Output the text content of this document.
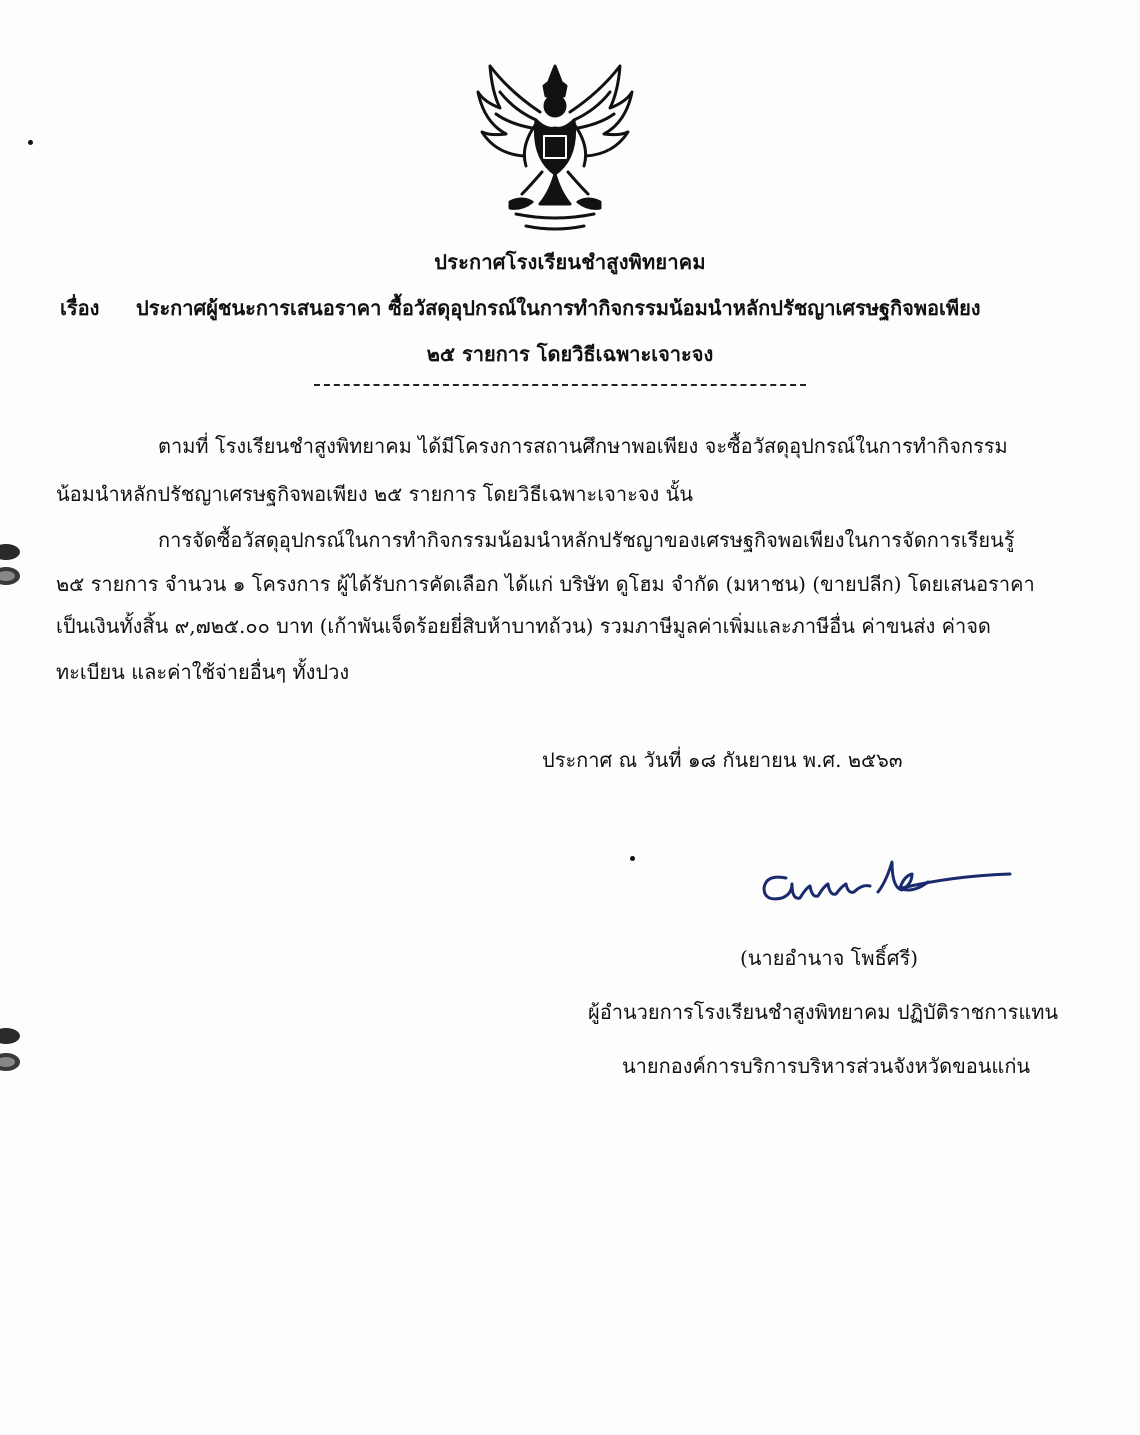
ประกาศโรงเรียนชำสูงพิทยาคม
เรื่อง ประกาศผู้ชนะการเสนอราคา ซื้อวัสดุอุปกรณ์ในการทำกิจกรรมน้อมนำหลักปรัชญาเศรษฐกิจพอเพียง
๒๕ รายการ โดยวิธีเฉพาะเจาะจง
ตามที่ โรงเรียนชำสูงพิทยาคม ได้มีโครงการสถานศึกษาพอเพียง จะซื้อวัสดุอุปกรณ์ในการทำกิจกรรม
น้อมนำหลักปรัชญาเศรษฐกิจพอเพียง ๒๕ รายการ โดยวิธีเฉพาะเจาะจง นั้น
การจัดซื้อวัสดุอุปกรณ์ในการทำกิจกรรมน้อมนำหลักปรัชญาของเศรษฐกิจพอเพียงในการจัดการเรียนรู้
๒๕ รายการ จำนวน ๑ โครงการ ผู้ได้รับการคัดเลือก ได้แก่ บริษัท ดูโฮม จำกัด (มหาชน) (ขายปลีก) โดยเสนอราคา
เป็นเงินทั้งสิ้น ๙,๗๒๕.๐๐ บาท (เก้าพันเจ็ดร้อยยี่สิบห้าบาทถ้วน) รวมภาษีมูลค่าเพิ่มและภาษีอื่น ค่าขนส่ง ค่าจด
ทะเบียน และค่าใช้จ่ายอื่นๆ ทั้งปวง
ประกาศ ณ วันที่ ๑๘ กันยายน พ.ศ. ๒๕๖๓
(นายอำนาจ โพธิ์ศรี)
ผู้อำนวยการโรงเรียนชำสูงพิทยาคม ปฏิบัติราชการแทน
นายกองค์การบริการบริหารส่วนจังหวัดขอนแก่น
